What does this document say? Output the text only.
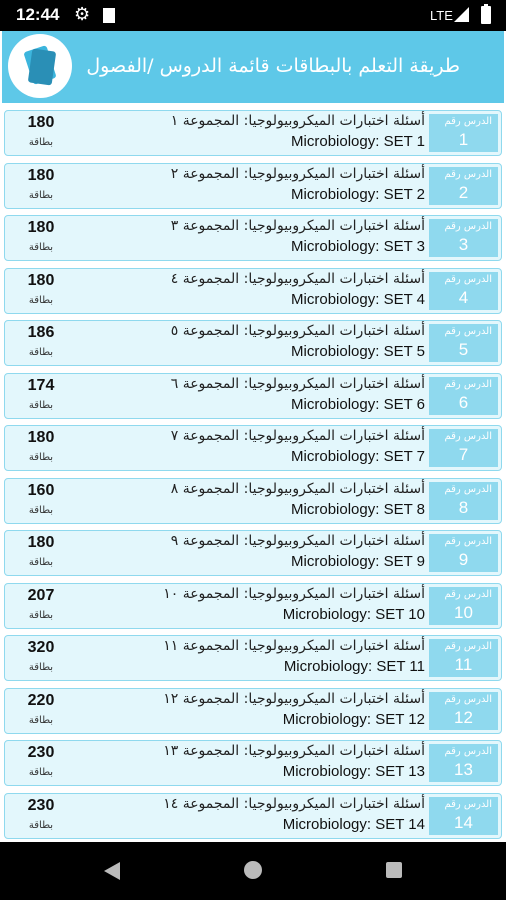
12:44 ⚙	LTE
طريقة التعلم بالبطاقات قائمة الدروس /الفصول
الدرس رقم
1
أسئلة اختبارات الميكروبيولوجيا: المجموعة ١
Microbiology: SET 1
180
بطاقة
الدرس رقم
2
أسئلة اختبارات الميكروبيولوجيا: المجموعة ٢
Microbiology: SET 2
180
بطاقة
الدرس رقم
3
أسئلة اختبارات الميكروبيولوجيا: المجموعة ٣
Microbiology: SET 3
180
بطاقة
الدرس رقم
4
أسئلة اختبارات الميكروبيولوجيا: المجموعة ٤
Microbiology: SET 4
180
بطاقة
الدرس رقم
5
أسئلة اختبارات الميكروبيولوجيا: المجموعة ٥
Microbiology: SET 5
186
بطاقة
الدرس رقم
6
أسئلة اختبارات الميكروبيولوجيا: المجموعة ٦
Microbiology: SET 6
174
بطاقة
الدرس رقم
7
أسئلة اختبارات الميكروبيولوجيا: المجموعة ٧
Microbiology: SET 7
180
بطاقة
الدرس رقم
8
أسئلة اختبارات الميكروبيولوجيا: المجموعة ٨
Microbiology: SET 8
160
بطاقة
الدرس رقم
9
أسئلة اختبارات الميكروبيولوجيا: المجموعة ٩
Microbiology: SET 9
180
بطاقة
الدرس رقم
10
أسئلة اختبارات الميكروبيولوجيا: المجموعة ١٠
Microbiology: SET 10
207
بطاقة
الدرس رقم
11
أسئلة اختبارات الميكروبيولوجيا: المجموعة ١١
Microbiology: SET 11
320
بطاقة
الدرس رقم
12
أسئلة اختبارات الميكروبيولوجيا: المجموعة ١٢
Microbiology: SET 12
220
بطاقة
الدرس رقم
13
أسئلة اختبارات الميكروبيولوجيا: المجموعة ١٣
Microbiology: SET 13
230
بطاقة
الدرس رقم
14
أسئلة اختبارات الميكروبيولوجيا: المجموعة ١٤
Microbiology: SET 14
230
بطاقة
